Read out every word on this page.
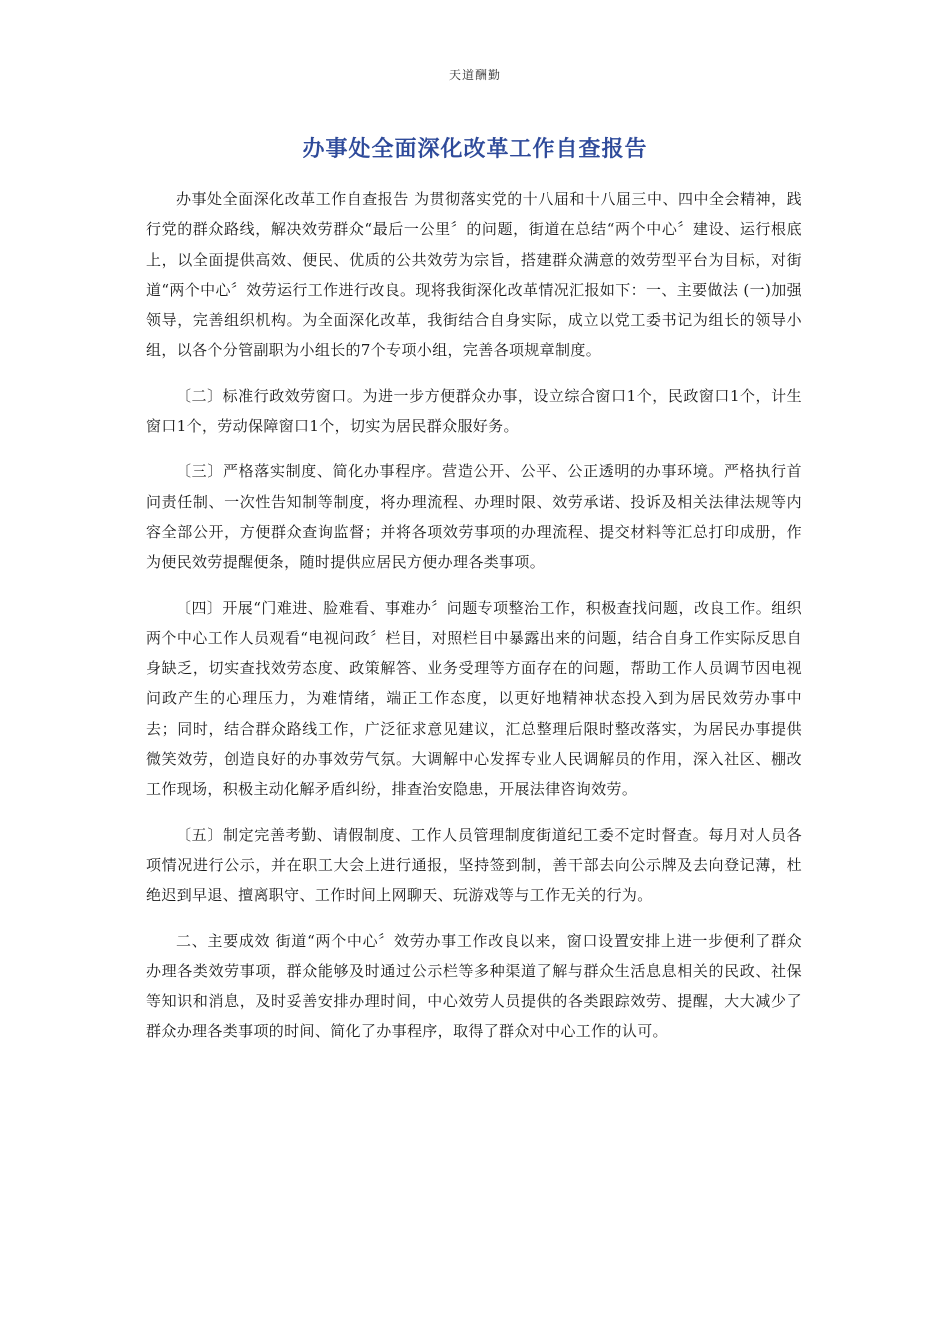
天道酬勤
办事处全面深化改革工作自查报告

办事处全面深化改革工作自查报告 为贯彻落实党的十八届和十八届三中、四中全会精神，践行党的群众路线，解决效劳群众“最后一公里〞的问题，街道在总结“两个中心〞建设、运行根底上，以全面提供高效、便民、优质的公共效劳为宗旨，搭建群众满意的效劳型平台为目标，对街道“两个中心〞效劳运行工作进行改良。现将我街深化改革情况汇报如下：一、主要做法 (一)加强领导，完善组织机构。为全面深化改革，我街结合自身实际，成立以党工委书记为组长的领导小组，以各个分管副职为小组长的7个专项小组，完善各项规章制度。

〔二〕标准行政效劳窗口。为进一步方便群众办事，设立综合窗口1个，民政窗口1个，计生窗口1个，劳动保障窗口1个，切实为居民群众服好务。

〔三〕严格落实制度、简化办事程序。营造公开、公平、公正透明的办事环境。严格执行首问责任制、一次性告知制等制度，将办理流程、办理时限、效劳承诺、投诉及相关法律法规等内容全部公开，方便群众查询监督；并将各项效劳事项的办理流程、提交材料等汇总打印成册，作为便民效劳提醒便条，随时提供应居民方便办理各类事项。

〔四〕开展“门难进、脸难看、事难办〞问题专项整治工作，积极查找问题，改良工作。组织两个中心工作人员观看“电视问政〞栏目，对照栏目中暴露出来的问题，结合自身工作实际反思自身缺乏，切实查找效劳态度、政策解答、业务受理等方面存在的问题，帮助工作人员调节因电视问政产生的心理压力，为难情绪，端正工作态度，以更好地精神状态投入到为居民效劳办事中去；同时，结合群众路线工作，广泛征求意见建议，汇总整理后限时整改落实，为居民办事提供微笑效劳，创造良好的办事效劳气氛。大调解中心发挥专业人民调解员的作用，深入社区、棚改工作现场，积极主动化解矛盾纠纷，排查治安隐患，开展法律咨询效劳。

〔五〕制定完善考勤、请假制度、工作人员管理制度街道纪工委不定时督查。每月对人员各项情况进行公示，并在职工大会上进行通报，坚持签到制，善干部去向公示牌及去向登记薄，杜绝迟到早退、擅离职守、工作时间上网聊天、玩游戏等与工作无关的行为。

二、主要成效 街道“两个中心〞效劳办事工作改良以来，窗口设置安排上进一步便利了群众办理各类效劳事项，群众能够及时通过公示栏等多种渠道了解与群众生活息息相关的民政、社保等知识和消息，及时妥善安排办理时间，中心效劳人员提供的各类跟踪效劳、提醒，大大减少了群众办理各类事项的时间、简化了办事程序，取得了群众对中心工作的认可。
